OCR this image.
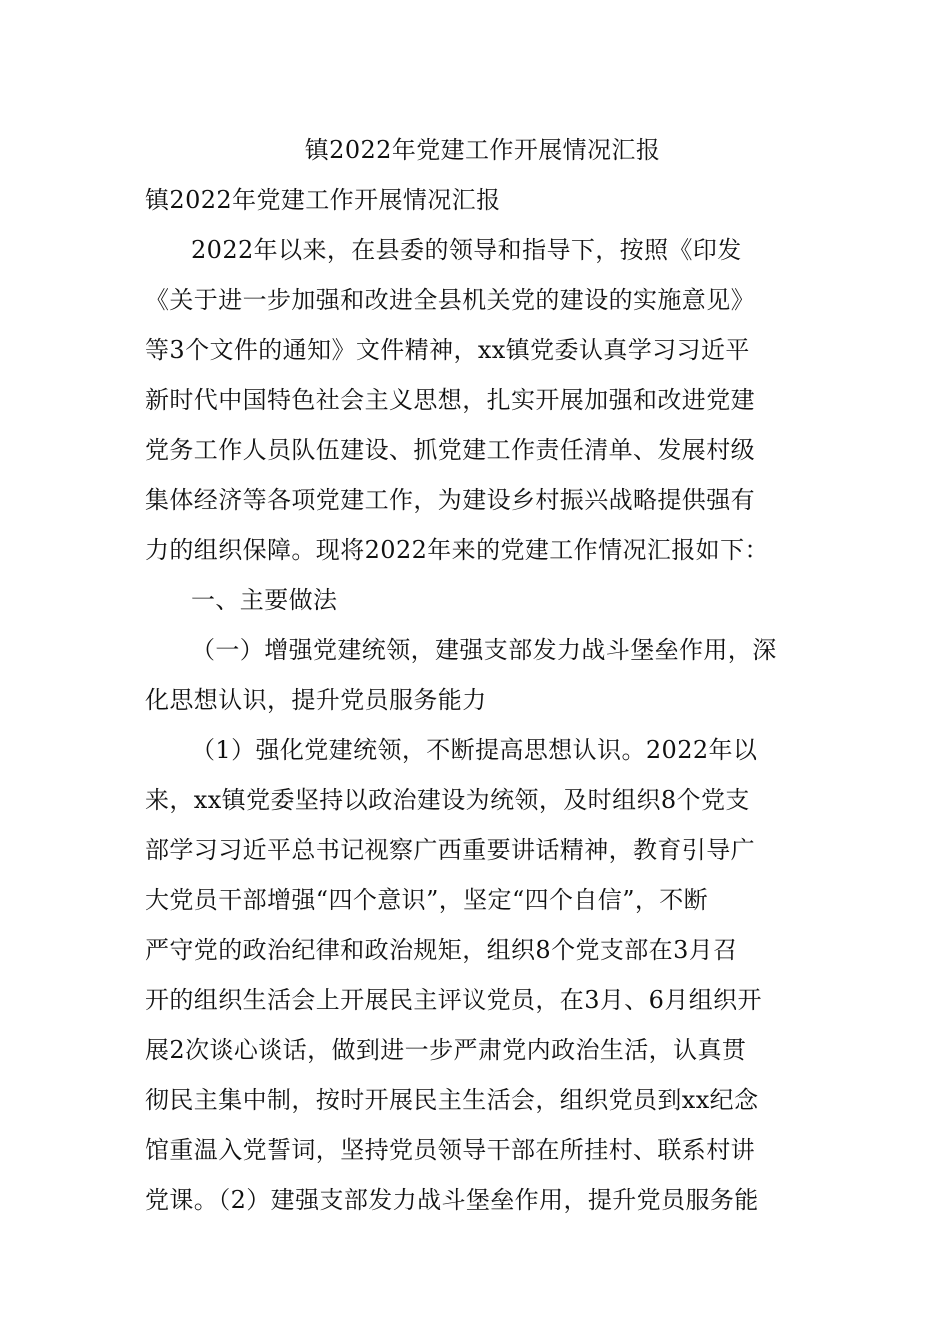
镇2022年党建工作开展情况汇报
镇2022年党建工作开展情况汇报
2022年以来，在县委的领导和指导下，按照《印发
《关于进一步加强和改进全县机关党的建设的实施意见》
等3个文件的通知》文件精神，xx镇党委认真学习习近平
新时代中国特色社会主义思想，扎实开展加强和改进党建
党务工作人员队伍建设、抓党建工作责任清单、发展村级
集体经济等各项党建工作，为建设乡村振兴战略提供强有
力的组织保障。现将2022年来的党建工作情况汇报如下：
一、主要做法
（一）增强党建统领，建强支部发力战斗堡垒作用，深
化思想认识，提升党员服务能力
（1）强化党建统领，不断提高思想认识。2022年以
来，xx镇党委坚持以政治建设为统领，及时组织8个党支
部学习习近平总书记视察广西重要讲话精神，教育引导广
大党员干部增强“四个意识”，坚定“四个自信”，不断
严守党的政治纪律和政治规矩，组织8个党支部在3月召
开的组织生活会上开展民主评议党员，在3月、6月组织开
展2次谈心谈话，做到进一步严肃党内政治生活，认真贯
彻民主集中制，按时开展民主生活会，组织党员到xx纪念
馆重温入党誓词，坚持党员领导干部在所挂村、联系村讲
党课。（2）建强支部发力战斗堡垒作用，提升党员服务能
